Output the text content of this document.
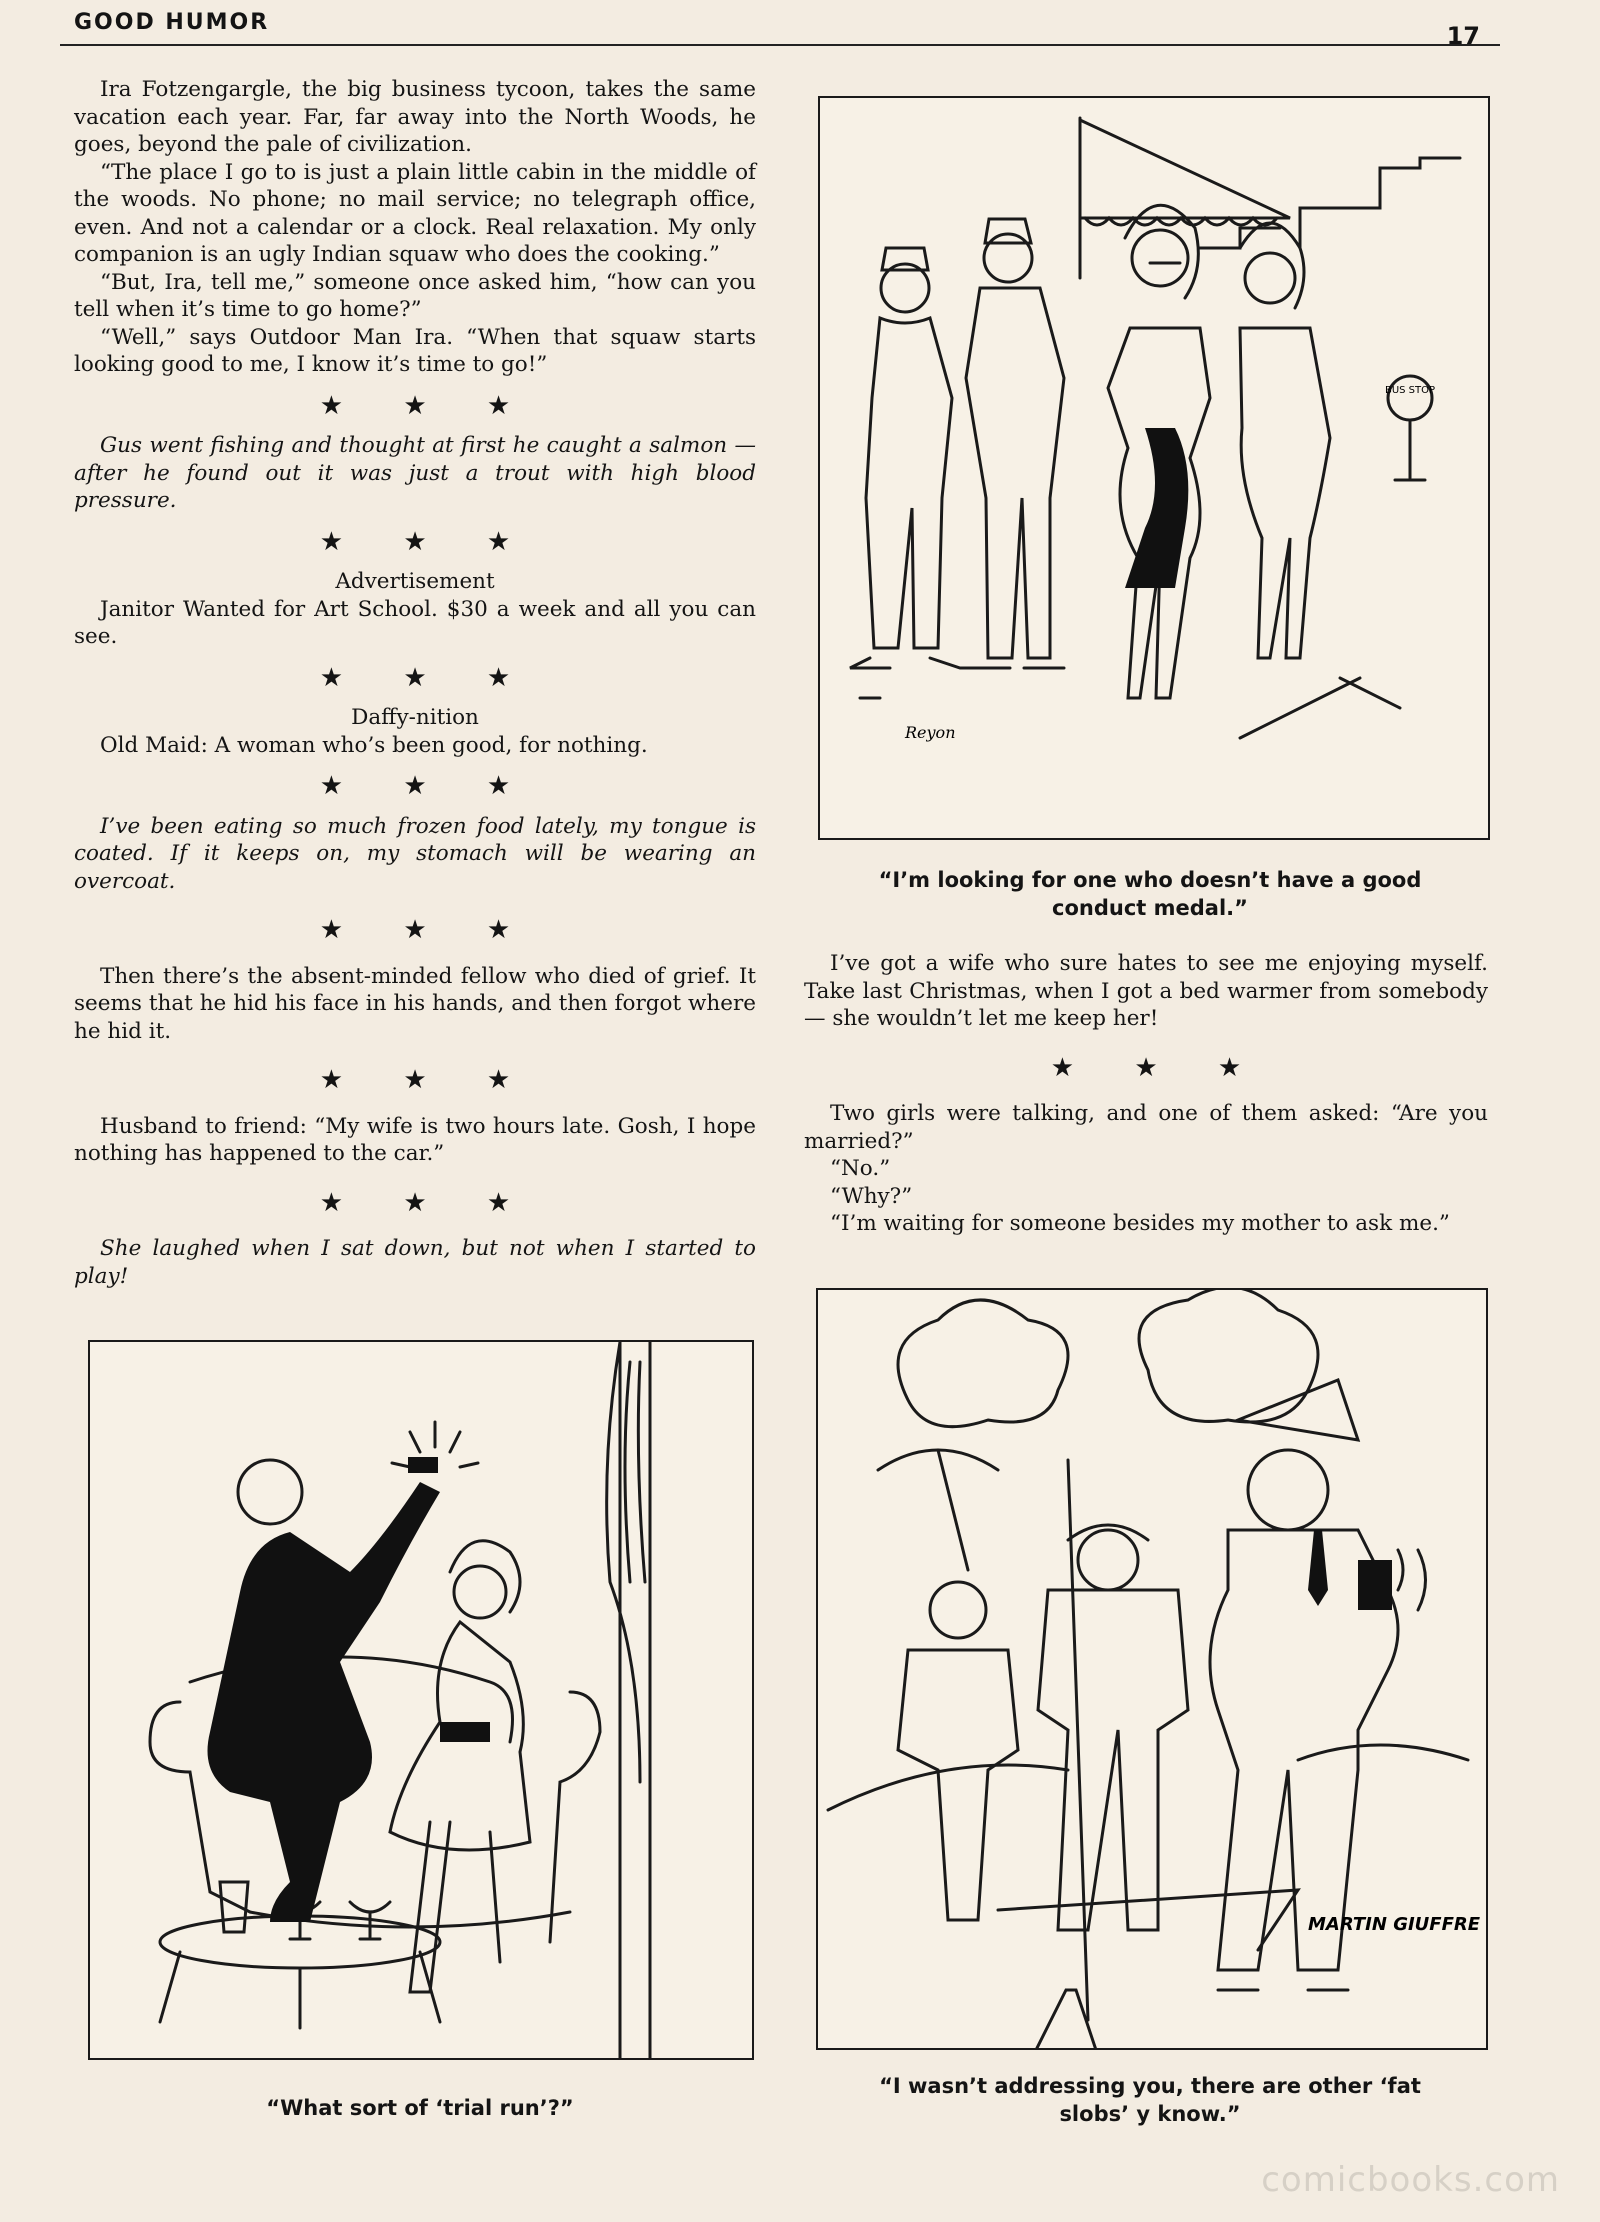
GOOD HUMOR	17

Ira Fotzengargle, the big business tycoon, takes the same vacation each year. Far, far away into the North Woods, he goes, beyond the pale of civilization.

“The place I go to is just a plain little cabin in the middle of the woods. No phone; no mail service; no telegraph office, even. And not a calendar or a clock. Real relaxation. My only companion is an ugly Indian squaw who does the cooking.”

“But, Ira, tell me,” someone once asked him, “how can you tell when it’s time to go home?”

“Well,” says Outdoor Man Ira. “When that squaw starts looking good to me, I know it’s time to go!”

★ ★ ★

Gus went fishing and thought at first he caught a salmon — after he found out it was just a trout with high blood pressure.

★ ★ ★

Advertisement

Janitor Wanted for Art School. $30 a week and all you can see.

★ ★ ★

Daffy-nition

Old Maid: A woman who’s been good, for nothing.

★ ★ ★

I’ve been eating so much frozen food lately, my tongue is coated. If it keeps on, my stomach will be wearing an overcoat.

★ ★ ★

Then there’s the absent-minded fellow who died of grief. It seems that he hid his face in his hands, and then forgot where he hid it.

★ ★ ★

Husband to friend: “My wife is two hours late. Gosh, I hope nothing has happened to the car.”

★ ★ ★

She laughed when I sat down, but not when I started to play!

BUS STOP
Reyon
“I’m looking for one who doesn’t have a good conduct medal.”

I’ve got a wife who sure hates to see me enjoying myself. Take last Christmas, when I got a bed warmer from somebody — she wouldn’t let me keep her!

★ ★ ★

Two girls were talking, and one of them asked: “Are you married?”

“No.”

“Why?”

“I’m waiting for someone besides my mother to ask me.”

“What sort of ‘trial run’?”
MARTIN GIUFFRE
“I wasn’t addressing you, there are other ‘fat slobs’ y know.”
comicbooks.com
